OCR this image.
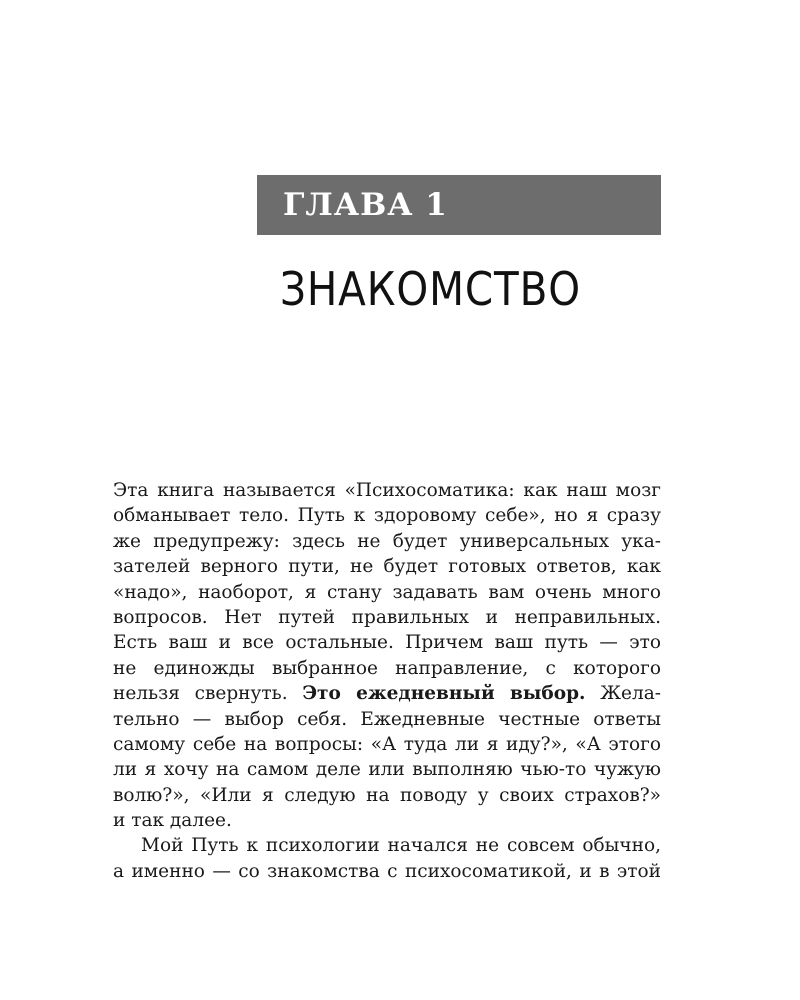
ГЛАВА 1
ЗНАКОМСТВО
Эта книга называется «Психосоматика: как наш мозг
обманывает тело. Путь к здоровому себе», но я сразу
же предупрежу: здесь не будет универсальных ука-
зателей верного пути, не будет готовых ответов, как
«надо», наоборот, я стану задавать вам очень много
вопросов. Нет путей правильных и неправильных.
Есть ваш и все остальные. Причем ваш путь — это
не единожды выбранное направление, с которого
нельзя свернуть. Это ежедневный выбор. Жела-
тельно — выбор себя. Ежедневные честные ответы
самому себе на вопросы: «А туда ли я иду?», «А этого
ли я хочу на самом деле или выполняю чью-то чужую
волю?», «Или я следую на поводу у своих страхов?»
и так далее.
Мой Путь к психологии начался не совсем обычно,
а именно — со знакомства с психосоматикой, и в этой
